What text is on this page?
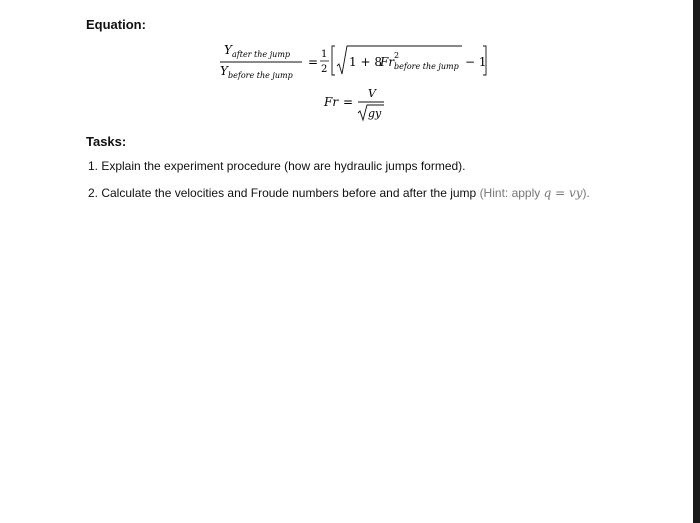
Equation:
Y after the jump
Y before the jump
=
1
2
1 + 8
Fr 2
before the jump − 1
Fr =
V
gy
Tasks:
1. Explain the experiment procedure (how are hydraulic jumps formed).
2. Calculate the velocities and Froude numbers before and after the jump (Hint: apply q = vy).
